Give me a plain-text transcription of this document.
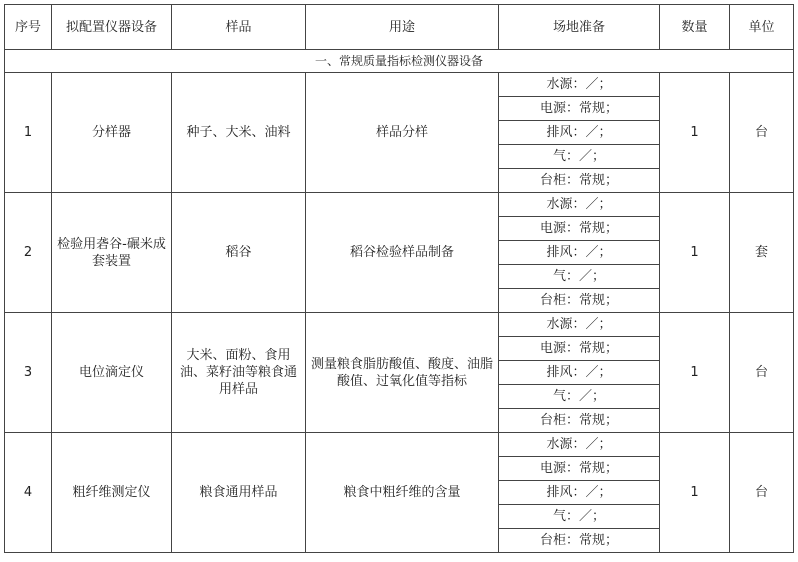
序号	拟配置仪器设备	样品	用途	场地准备	数量	单位
一、常规质量指标检测仪器设备						
1	分样器	种子、大米、油料	样品分样	水源：／；	1	台
				电源：常规；		
				排风：／；		
				气：／；		
				台柜：常规；		
2	检验用砻谷-碾米成套装置	稻谷	稻谷检验样品制备	水源：／；	1	套
				电源：常规；		
				排风：／；		
				气：／；		
				台柜：常规；		
3	电位滴定仪	大米、面粉、食用油、菜籽油等粮食通用样品	测量粮食脂肪酸值、酸度、油脂酸值、过氧化值等指标	水源：／；	1	台
				电源：常规；		
				排风：／；		
				气：／；		
				台柜：常规；		
4	粗纤维测定仪	粮食通用样品	粮食中粗纤维的含量	水源：／；	1	台
				电源：常规；		
				排风：／；		
				气：／；		
				台柜：常规；		
